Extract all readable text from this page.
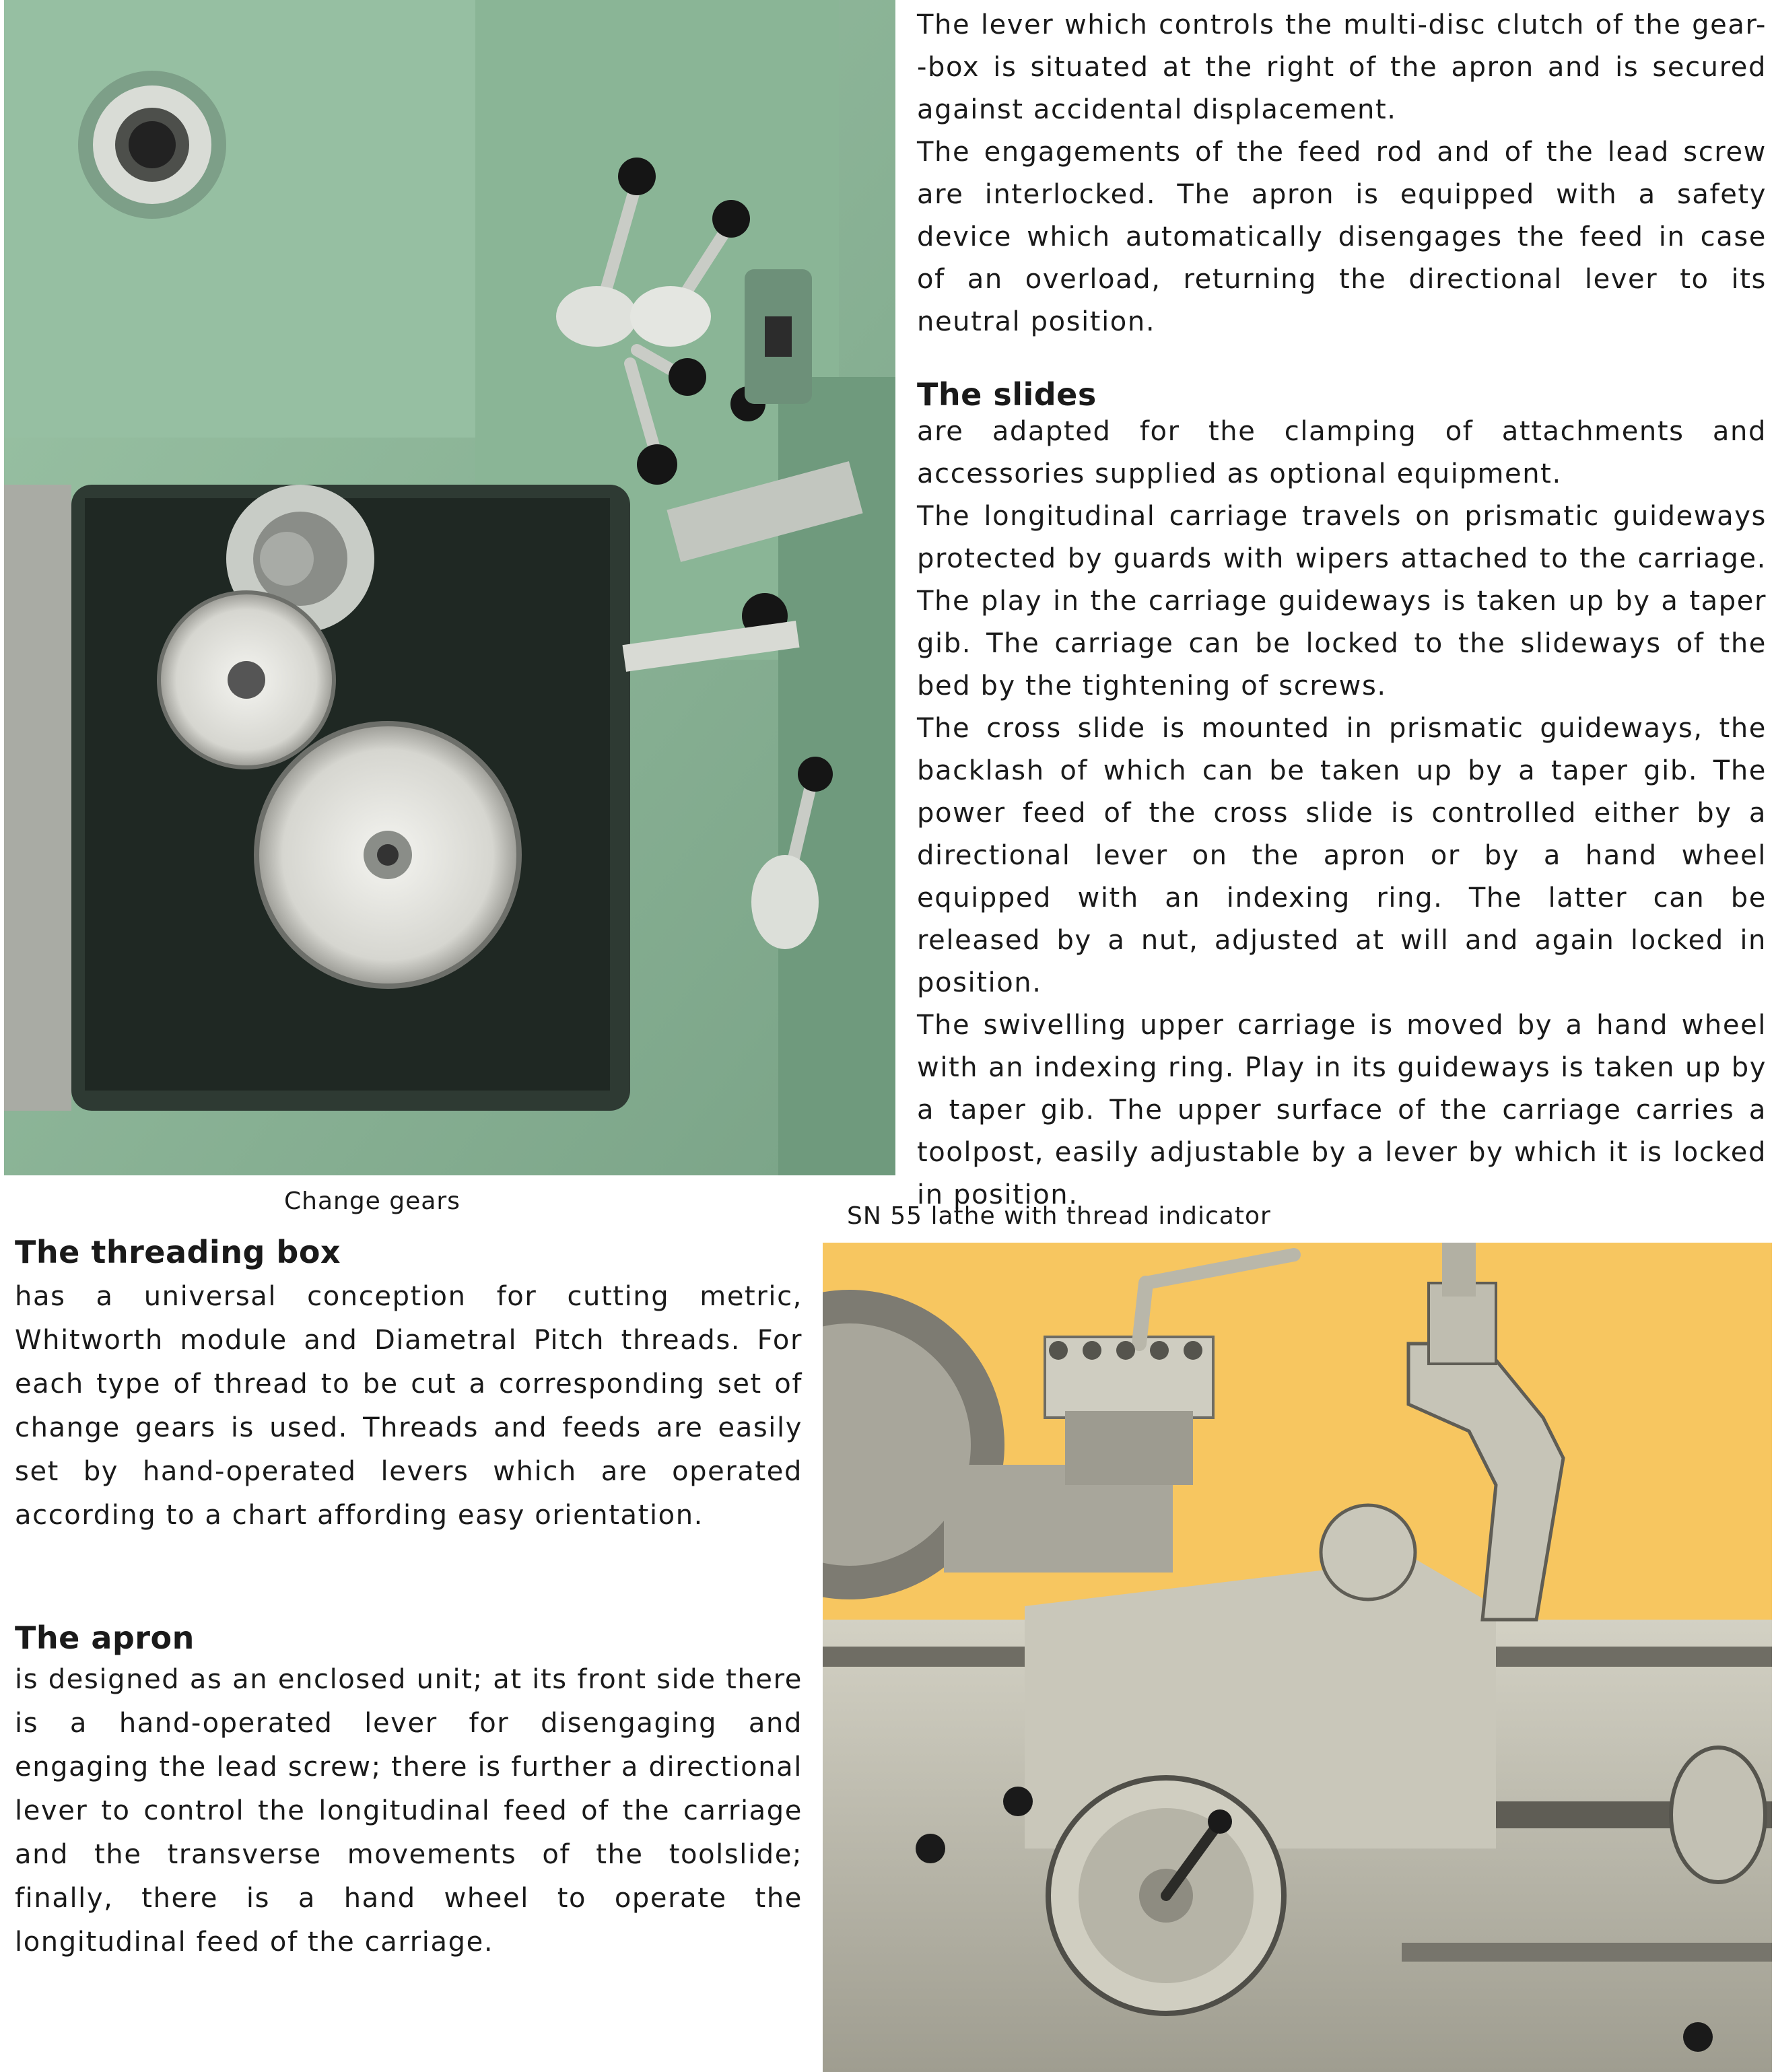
Change gears

The lever which controls the multi-disc clutch of the gear--box is situated at the right of the apron and is secured against accidental displacement.

The engagements of the feed rod and of the lead screw are interlocked. The apron is equipped with a safety device which automatically disengages the feed in case of an overload, returning the directional lever to its neutral position.

The slides

are adapted for the clamping of attachments and accessories supplied as optional equipment.

The longitudinal carriage travels on prismatic guideways protected by guards with wipers attached to the carriage. The play in the carriage guideways is taken up by a taper gib. The carriage can be locked to the slideways of the bed by the tightening of screws.

The cross slide is mounted in prismatic guideways, the backlash of which can be taken up by a taper gib. The power feed of the cross slide is controlled either by a directional lever on the apron or by a hand wheel equipped with an indexing ring. The latter can be released by a nut, adjusted at will and again locked in position.

The swivelling upper carriage is moved by a hand wheel with an indexing ring. Play in its guideways is taken up by a taper gib. The upper surface of the carriage carries a toolpost, easily adjustable by a lever by which it is locked in position.

SN 55 lathe with thread indicator
The threading box

has a universal conception for cutting metric, Whitworth module and Diametral Pitch threads. For each type of thread to be cut a corresponding set of change gears is used. Threads and feeds are easily set by hand-operated levers which are operated according to a chart affording easy orientation.

The apron

is designed as an enclosed unit; at its front side there is a hand-operated lever for disengaging and engaging the lead screw; there is further a directional lever to control the longitudinal feed of the carriage and the transverse movements of the toolslide; finally, there is a hand wheel to operate the longitudinal feed of the carriage.
